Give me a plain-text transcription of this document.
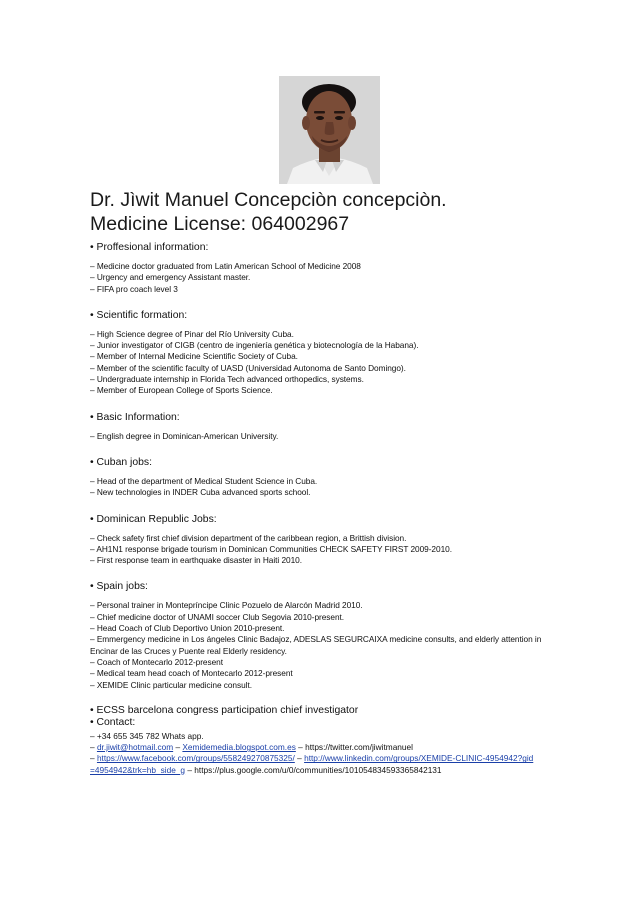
Dr. Jìwit Manuel Concepciòn concepciòn.
Medicine License: 064002967

• Proffesional information:

– Medicine doctor graduated from Latin American School of Medicine 2008
– Urgency and emergency Assistant master.
– FIFA pro coach level 3

• Scientific formation:

– High Science degree of Pinar del Río University Cuba.
– Junior investigator of CIGB (centro de ingeniería genética y biotecnología de la Habana).
– Member of Internal Medicine Scientific Society of Cuba.
– Member of the scientific faculty of UASD (Universidad Autonoma de Santo Domingo).
– Undergraduate internship in Florida Tech advanced orthopedics, systems.
– Member of European College of Sports Science.

• Basic Information:

– English degree in Dominican-American University.

• Cuban jobs:

– Head of the department of Medical Student Science in Cuba.
– New technologies in INDER Cuba advanced sports school.

• Dominican Republic Jobs:

– Check safety first chief division department of the caribbean region, a Brittish division.
– AH1N1 response brigade tourism in Dominican Communities CHECK SAFETY FIRST 2009-2010.
– First response team in earthquake disaster in Haiti 2010.

• Spain jobs:

– Personal trainer in Montepríncipe Clinic Pozuelo de Alarcón Madrid 2010.
– Chief medicine doctor of UNAMI soccer Club Segovia 2010-present.
– Head Coach of Club Deportivo Union 2010-present.
– Emmergency medicine in Los ángeles Clinic Badajoz, ADESLAS SEGURCAIXA medicine consults, and elderly attention in Encinar de las Cruces y Puente real Elderly residency.
– Coach of Montecarlo 2012-present
– Medical team head coach of Montecarlo 2012-present
– XEMIDE Clinic particular medicine consult.
• ECSS barcelona congress participation chief investigator
• Contact:
– +34 655 345 782 Whats app.
– dr.jiwit@hotmail.com – Xemidemedia.blogspot.com.es – https://twitter.com/jiwitmanuel
– https://www.facebook.com/groups/558249270875325/ – http://www.linkedin.com/groups/XEMIDE-CLINIC-4954942?gid=4954942&trk=hb_side_g – https://plus.google.com/u/0/communities/101054834593365842131
